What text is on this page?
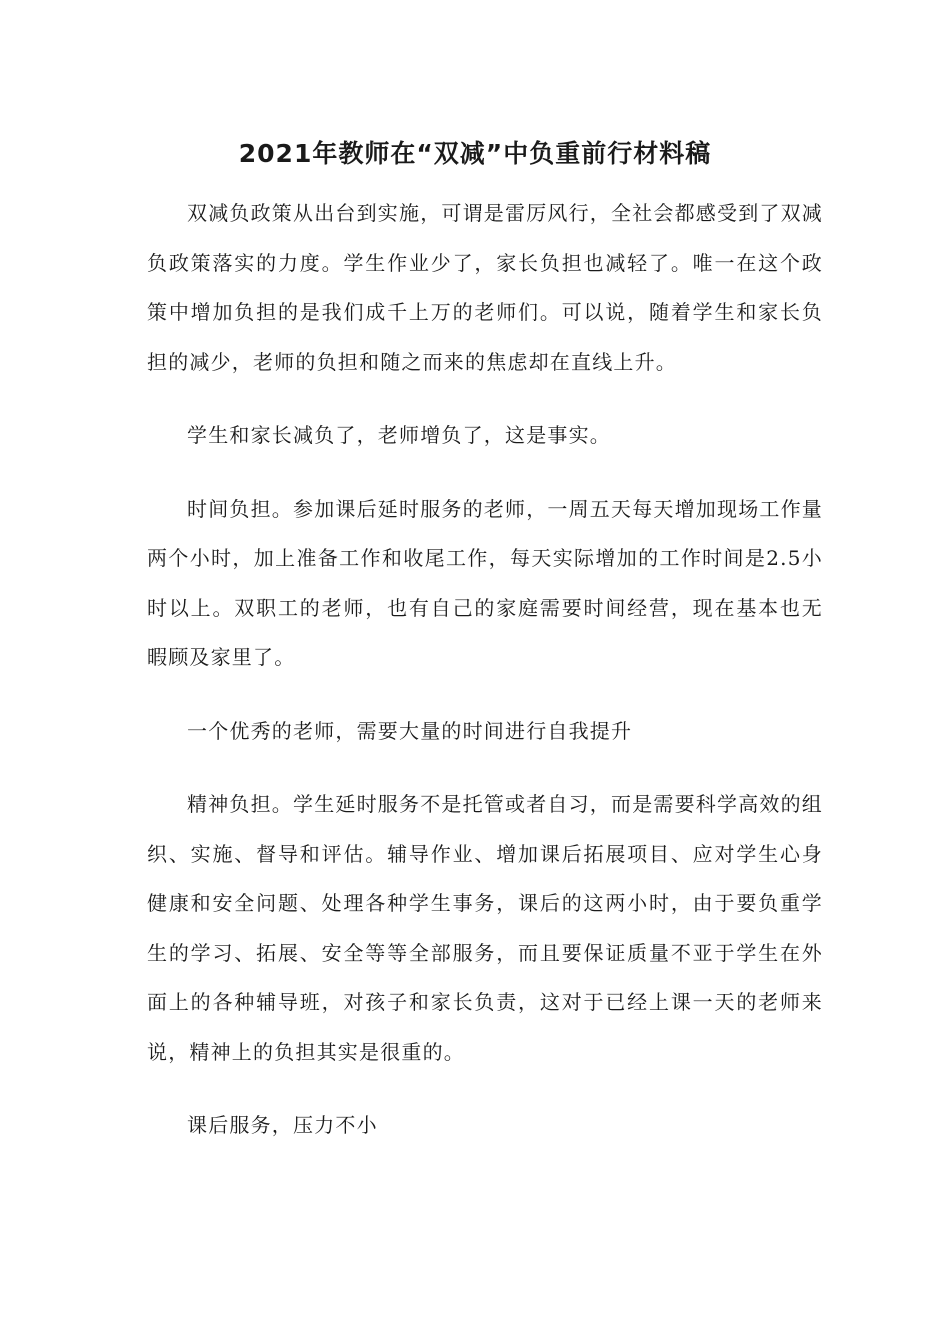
2021年教师在“双减”中负重前行材料稿

双减负政策从出台到实施，可谓是雷厉风行，全社会都感受到了双减负政策落实的力度。学生作业少了，家长负担也减轻了。唯一在这个政策中增加负担的是我们成千上万的老师们。可以说，随着学生和家长负担的减少，老师的负担和随之而来的焦虑却在直线上升。

学生和家长减负了，老师增负了，这是事实。

时间负担。参加课后延时服务的老师，一周五天每天增加现场工作量两个小时，加上准备工作和收尾工作，每天实际增加的工作时间是2.5小时以上。双职工的老师，也有自己的家庭需要时间经营，现在基本也无暇顾及家里了。

一个优秀的老师，需要大量的时间进行自我提升

精神负担。学生延时服务不是托管或者自习，而是需要科学高效的组织、实施、督导和评估。辅导作业、增加课后拓展项目、应对学生心身健康和安全问题、处理各种学生事务，课后的这两小时，由于要负重学生的学习、拓展、安全等等全部服务，而且要保证质量不亚于学生在外面上的各种辅导班，对孩子和家长负责，这对于已经上课一天的老师来说，精神上的负担其实是很重的。

课后服务，压力不小
